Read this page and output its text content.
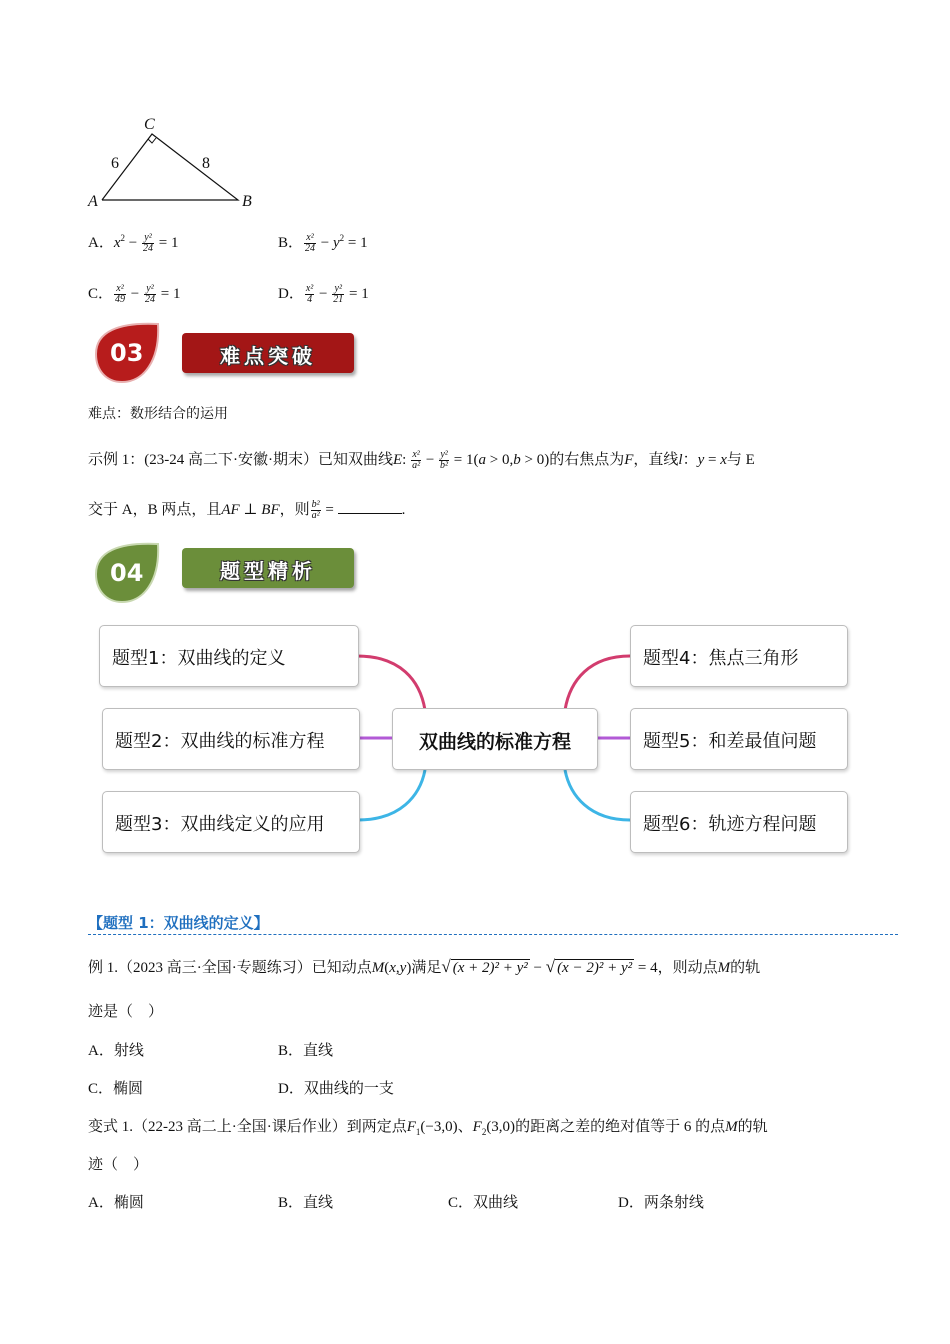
C
A	B
6	8
A．$x^2 - \frac{\text{y²}}{24} = 1$	B． $\frac{\text{x²}}{24} - y^2 = 1$
C． $\frac{\text{x²}}{49} - \frac{\text{y²}}{24} = 1$	D． $\frac{\text{x²}}{4} - \frac{\text{y²}}{21} = 1$
03	难点突破
难点：数形结合的运用
示例 1：(23-24 高二下·安徽·期末）已知双曲线E: $\frac{\text{x²}}{\text{a²}} - \frac{\text{y²}}{\text{b²}} = 1(a > 0,b > 0)$的右焦点为F，直线l：y = x与 E
交于 A，B 两点，且AF ⊥ BF，则 $\frac{\text{b²}}{\text{a²}}$ =	.
04	题型精析
题型1：双曲线的定义
题型2：双曲线的标准方程
题型3：双曲线定义的应用
双曲线的标准方程
题型4：焦点三角形
题型5：和差最值问题
题型6：轨迹方程问题
【题型 1：双曲线的定义】
例 1.（2023 高三·全国·专题练习）已知动点M(x,y)满足√ (x + 2)² + y² − √ (x − 2)² + y² = 4，则动点M的轨
迹是（　）
A．射线	B．直线
C．椭圆	D．双曲线的一支
变式 1.（22-23 高二上·全国·课后作业）到两定点$F_1(-3,0)$、$F_2(3,0)$的距离之差的绝对值等于 6 的点M的轨
迹（　）
A．椭圆	B．直线	C．双曲线	D．两条射线
